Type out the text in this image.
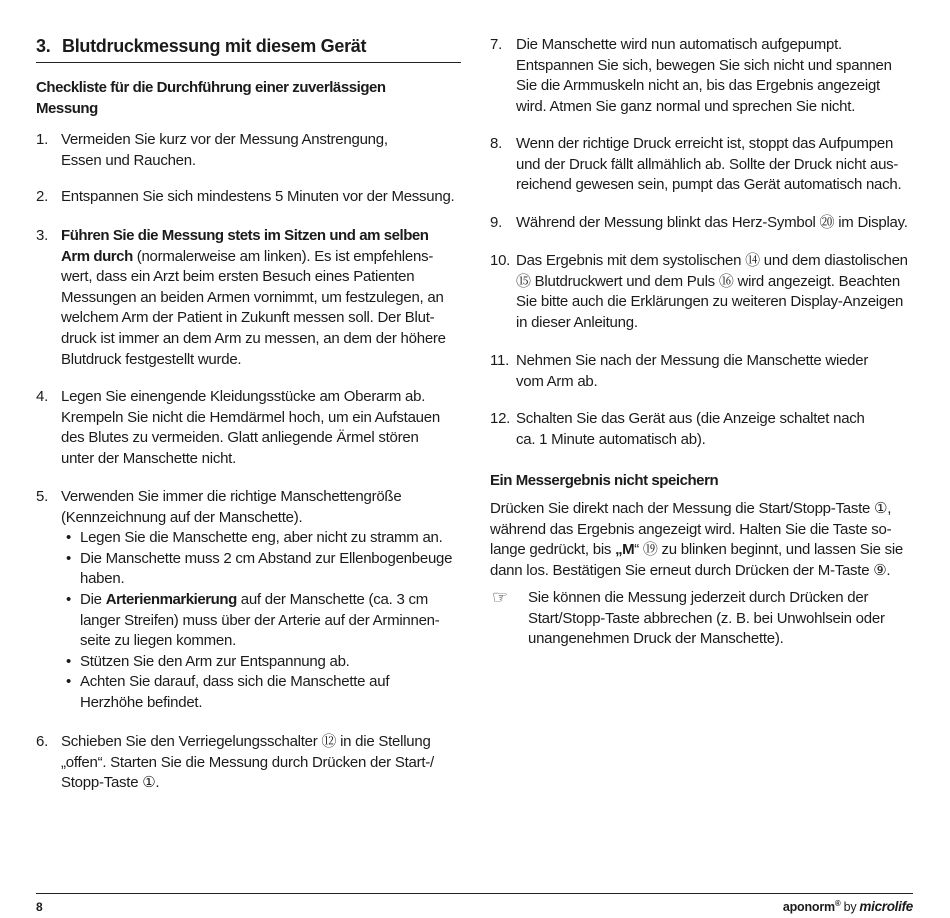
3. Blutdruckmessung mit diesem Gerät
Checkliste für die Durchführung einer zuverlässigen
Messung
1. Vermeiden Sie kurz vor der Messung Anstrengung,
Essen und Rauchen.
2. Entspannen Sie sich mindestens 5 Minuten vor der Messung.
3. Führen Sie die Messung stets im Sitzen und am selben
Arm durch (normalerweise am linken). Es ist empfehlens-
wert, dass ein Arzt beim ersten Besuch eines Patienten
Messungen an beiden Armen vornimmt, um festzulegen, an
welchem Arm der Patient in Zukunft messen soll. Der Blut-
druck ist immer an dem Arm zu messen, an dem der höhere
Blutdruck festgestellt wurde.
4. Legen Sie einengende Kleidungsstücke am Oberarm ab.
Krempeln Sie nicht die Hemdärmel hoch, um ein Aufstauen
des Blutes zu vermeiden. Glatt anliegende Ärmel stören
unter der Manschette nicht.
5. Verwenden Sie immer die richtige Manschettengröße
(Kennzeichnung auf der Manschette).
• Legen Sie die Manschette eng, aber nicht zu stramm an.
• Die Manschette muss 2 cm Abstand zur Ellenbogenbeuge
haben.
• Die Arterienmarkierung auf der Manschette (ca. 3 cm
langer Streifen) muss über der Arterie auf der Arminnen-
seite zu liegen kommen.
• Stützen Sie den Arm zur Entspannung ab.
• Achten Sie darauf, dass sich die Manschette auf
Herzhöhe befindet.
6. Schieben Sie den Verriegelungsschalter ⑫ in die Stellung
„offen“. Starten Sie die Messung durch Drücken der Start-/
Stopp-Taste ①.
7. Die Manschette wird nun automatisch aufgepumpt.
Entspannen Sie sich, bewegen Sie sich nicht und spannen
Sie die Armmuskeln nicht an, bis das Ergebnis angezeigt
wird. Atmen Sie ganz normal und sprechen Sie nicht.
8. Wenn der richtige Druck erreicht ist, stoppt das Aufpumpen
und der Druck fällt allmählich ab. Sollte der Druck nicht aus-
reichend gewesen sein, pumpt das Gerät automatisch nach.
9. Während der Messung blinkt das Herz-Symbol ⑳ im Display.
10. Das Ergebnis mit dem systolischen ⑭ und dem diastolischen
⑮ Blutdruckwert und dem Puls ⑯ wird angezeigt. Beachten
Sie bitte auch die Erklärungen zu weiteren Display-Anzeigen
in dieser Anleitung.
11. Nehmen Sie nach der Messung die Manschette wieder
vom Arm ab.
12. Schalten Sie das Gerät aus (die Anzeige schaltet nach
ca. 1 Minute automatisch ab).
Ein Messergebnis nicht speichern
Drücken Sie direkt nach der Messung die Start/Stopp-Taste ①,
während das Ergebnis angezeigt wird. Halten Sie die Taste so-
lange gedrückt, bis „M“ ⑲ zu blinken beginnt, und lassen Sie sie
dann los. Bestätigen Sie erneut durch Drücken der M-Taste ⑨.
☞
Sie können die Messung jederzeit durch Drücken der
Start/Stopp-Taste abbrechen (z. B. bei Unwohlsein oder
unangenehmen Druck der Manschette).
8	aponorm® by microlife
